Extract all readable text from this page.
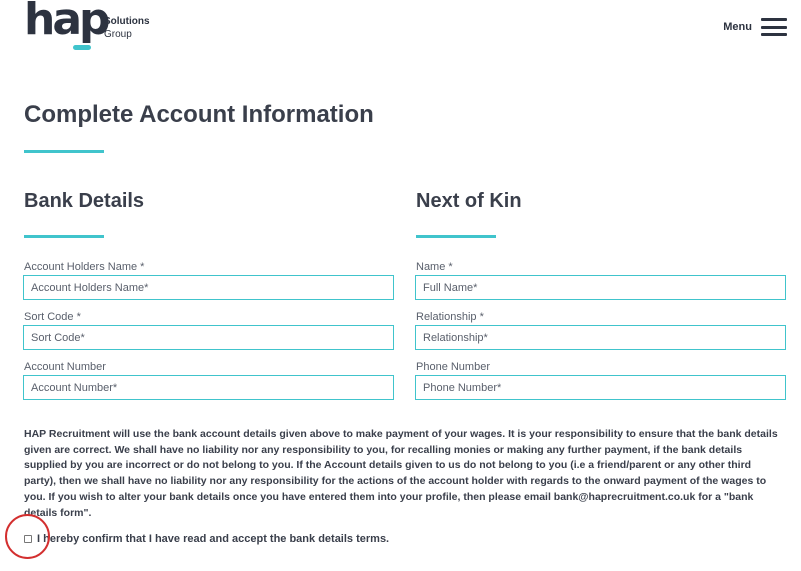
hap
Solutions
Group
Menu
Complete Account Information
Bank Details
Account Holders Name *
Account Holders Name*
Sort Code *
Sort Code*
Account Number
Account Number*
Next of Kin
Name *
Full Name*
Relationship *
Relationship*
Phone Number
Phone Number*

HAP Recruitment will use the bank account details given above to make payment of your wages. It is your responsibility to ensure that the bank details given are correct. We shall have no liability nor any responsibility to you, for recalling monies or making any further payment, if the bank details supplied by you are incorrect or do not belong to you. If the Account details given to us do not belong to you (i.e a friend/parent or any other third party), then we shall have no liability nor any responsibility for the actions of the account holder with regards to the onward payment of the wages to you. If you wish to alter your bank details once you have entered them into your profile, then please email bank@haprecruitment.co.uk for a "bank details form".

I hereby confirm that I have read and accept the bank details terms.
